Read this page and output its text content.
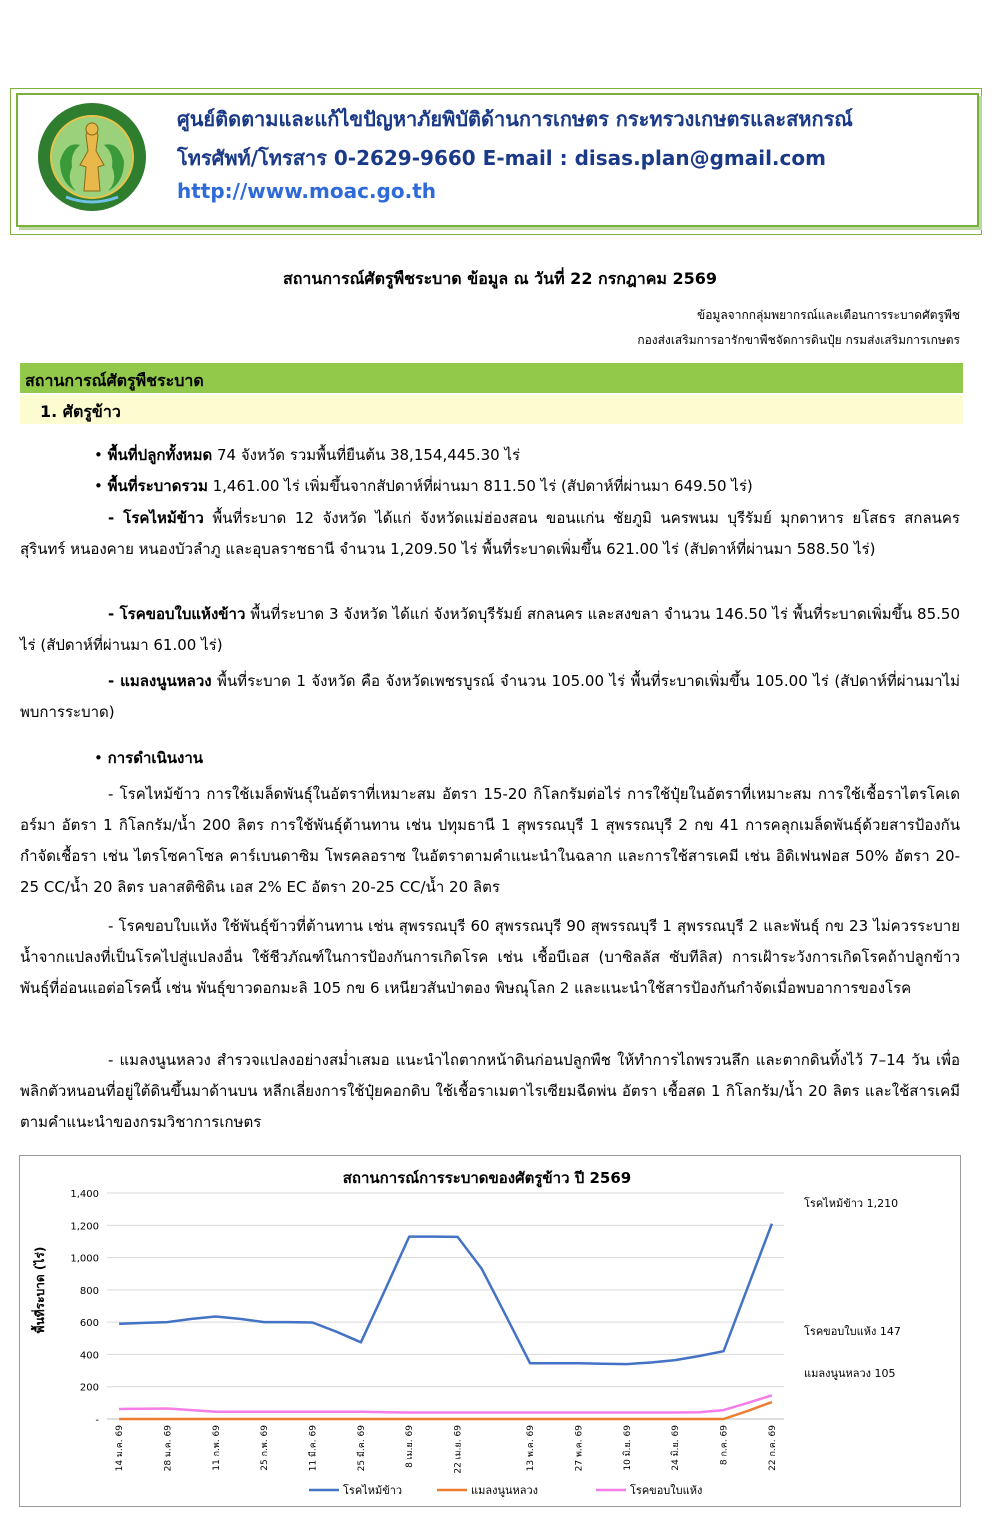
ศูนย์ติดตามและแก้ไขปัญหาภัยพิบัติด้านการเกษตร กระทรวงเกษตรและสหกรณ์
โทรศัพท์/โทรสาร 0-2629-9660 E-mail : disas.plan@gmail.com
http://www.moac.go.th
สถานการณ์ศัตรูพืชระบาด ข้อมูล ณ วันที่ 22 กรกฎาคม 2569
ข้อมูลจากกลุ่มพยากรณ์และเตือนการระบาดศัตรูพืช
กองส่งเสริมการอารักขาพืชจัดการดินปุ๋ย กรมส่งเสริมการเกษตร
สถานการณ์ศัตรูพืชระบาด
1. ศัตรูข้าว
• พื้นที่ปลูกทั้งหมด 74 จังหวัด รวมพื้นที่ยืนต้น 38,154,445.30 ไร่
• พื้นที่ระบาดรวม 1,461.00 ไร่ เพิ่มขึ้นจากสัปดาห์ที่ผ่านมา 811.50 ไร่ (สัปดาห์ที่ผ่านมา 649.50 ไร่)
- โรคไหม้ข้าว พื้นที่ระบาด 12 จังหวัด ได้แก่ จังหวัดแม่ฮ่องสอน ขอนแก่น ชัยภูมิ นครพนม บุรีรัมย์ มุกดาหาร ยโสธร สกลนคร สุรินทร์ หนองคาย หนองบัวลำภู และอุบลราชธานี จำนวน 1,209.50 ไร่ พื้นที่ระบาดเพิ่มขึ้น 621.00 ไร่ (สัปดาห์ที่ผ่านมา 588.50 ไร่)
- โรคขอบใบแห้งข้าว พื้นที่ระบาด 3 จังหวัด ได้แก่ จังหวัดบุรีรัมย์ สกลนคร และสงขลา จำนวน 146.50 ไร่ พื้นที่ระบาดเพิ่มขึ้น 85.50 ไร่ (สัปดาห์ที่ผ่านมา 61.00 ไร่)
- แมลงนูนหลวง พื้นที่ระบาด 1 จังหวัด คือ จังหวัดเพชรบูรณ์ จำนวน 105.00 ไร่ พื้นที่ระบาดเพิ่มขึ้น 105.00 ไร่ (สัปดาห์ที่ผ่านมาไม่พบการระบาด)
• การดำเนินงาน
- โรคไหม้ข้าว การใช้เมล็ดพันธุ์ในอัตราที่เหมาะสม อัตรา 15-20 กิโลกรัมต่อไร่ การใช้ปุ๋ยในอัตราที่เหมาะสม การใช้เชื้อราไตรโคเดอร์มา อัตรา 1 กิโลกรัม/น้ำ 200 ลิตร การใช้พันธุ์ต้านทาน เช่น ปทุมธานี 1 สุพรรณบุรี 1 สุพรรณบุรี 2 กข 41 การคลุกเมล็ดพันธุ์ด้วยสารป้องกันกำจัดเชื้อรา เช่น ไตรโซคาโซล คาร์เบนดาซิม โพรคลอราซ ในอัตราตามคำแนะนำในฉลาก และการใช้สารเคมี เช่น อิดิเฟนฟอส 50% อัตรา 20-25 CC/น้ำ 20 ลิตร บลาสติซิดิน เอส 2% EC อัตรา 20-25 CC/น้ำ 20 ลิตร
- โรคขอบใบแห้ง ใช้พันธุ์ข้าวที่ต้านทาน เช่น สุพรรณบุรี 60 สุพรรณบุรี 90 สุพรรณบุรี 1 สุพรรณบุรี 2 และพันธุ์ กข 23 ไม่ควรระบายน้ำจากแปลงที่เป็นโรคไปสู่แปลงอื่น ใช้ชีวภัณฑ์ในการป้องกันการเกิดโรค เช่น เชื้อบีเอส (บาซิลลัส ซับทีลิส) การเฝ้าระวังการเกิดโรคถ้าปลูกข้าวพันธุ์ที่อ่อนแอต่อโรคนี้ เช่น พันธุ์ขาวดอกมะลิ 105 กข 6 เหนียวสันป่าตอง พิษณุโลก 2 และแนะนำใช้สารป้องกันกำจัดเมื่อพบอาการของโรค
- แมลงนูนหลวง สำรวจแปลงอย่างสม่ำเสมอ แนะนำไถตากหน้าดินก่อนปลูกพืช ให้ทำการไถพรวนลึก และตากดินทิ้งไว้ 7–14 วัน เพื่อพลิกตัวหนอนที่อยู่ใต้ดินขึ้นมาด้านบน หลีกเลี่ยงการใช้ปุ๋ยคอกดิบ ใช้เชื้อราเมตาไรเซียมฉีดพ่น อัตรา เชื้อสด 1 กิโลกรัม/น้ำ 20 ลิตร และใช้สารเคมีตามคำแนะนำของกรมวิชาการเกษตร
สถานการณ์การระบาดของศัตรูข้าว ปี 2569
พื้นที่ระบาด (ไร่)
-
200
400
600
800
1,000
1,200
1,400
14 ม.ค. 69	28 ม.ค. 69	11 ก.พ. 69	25 ก.พ. 69	11 มี.ค. 69	25 มี.ค. 69	8 เม.ย. 69	22 เม.ย. 69	13 พ.ค. 69	27 พ.ค. 69	10 มิ.ย. 69	24 มิ.ย. 69	8 ก.ค. 69	22 ก.ค. 69
โรคไหม้ข้าว 1,210
โรคขอบใบแห้ง 147
แมลงนูนหลวง 105
โรคไหม้ข้าว	แมลงนูนหลวง	โรคขอบใบแห้ง
